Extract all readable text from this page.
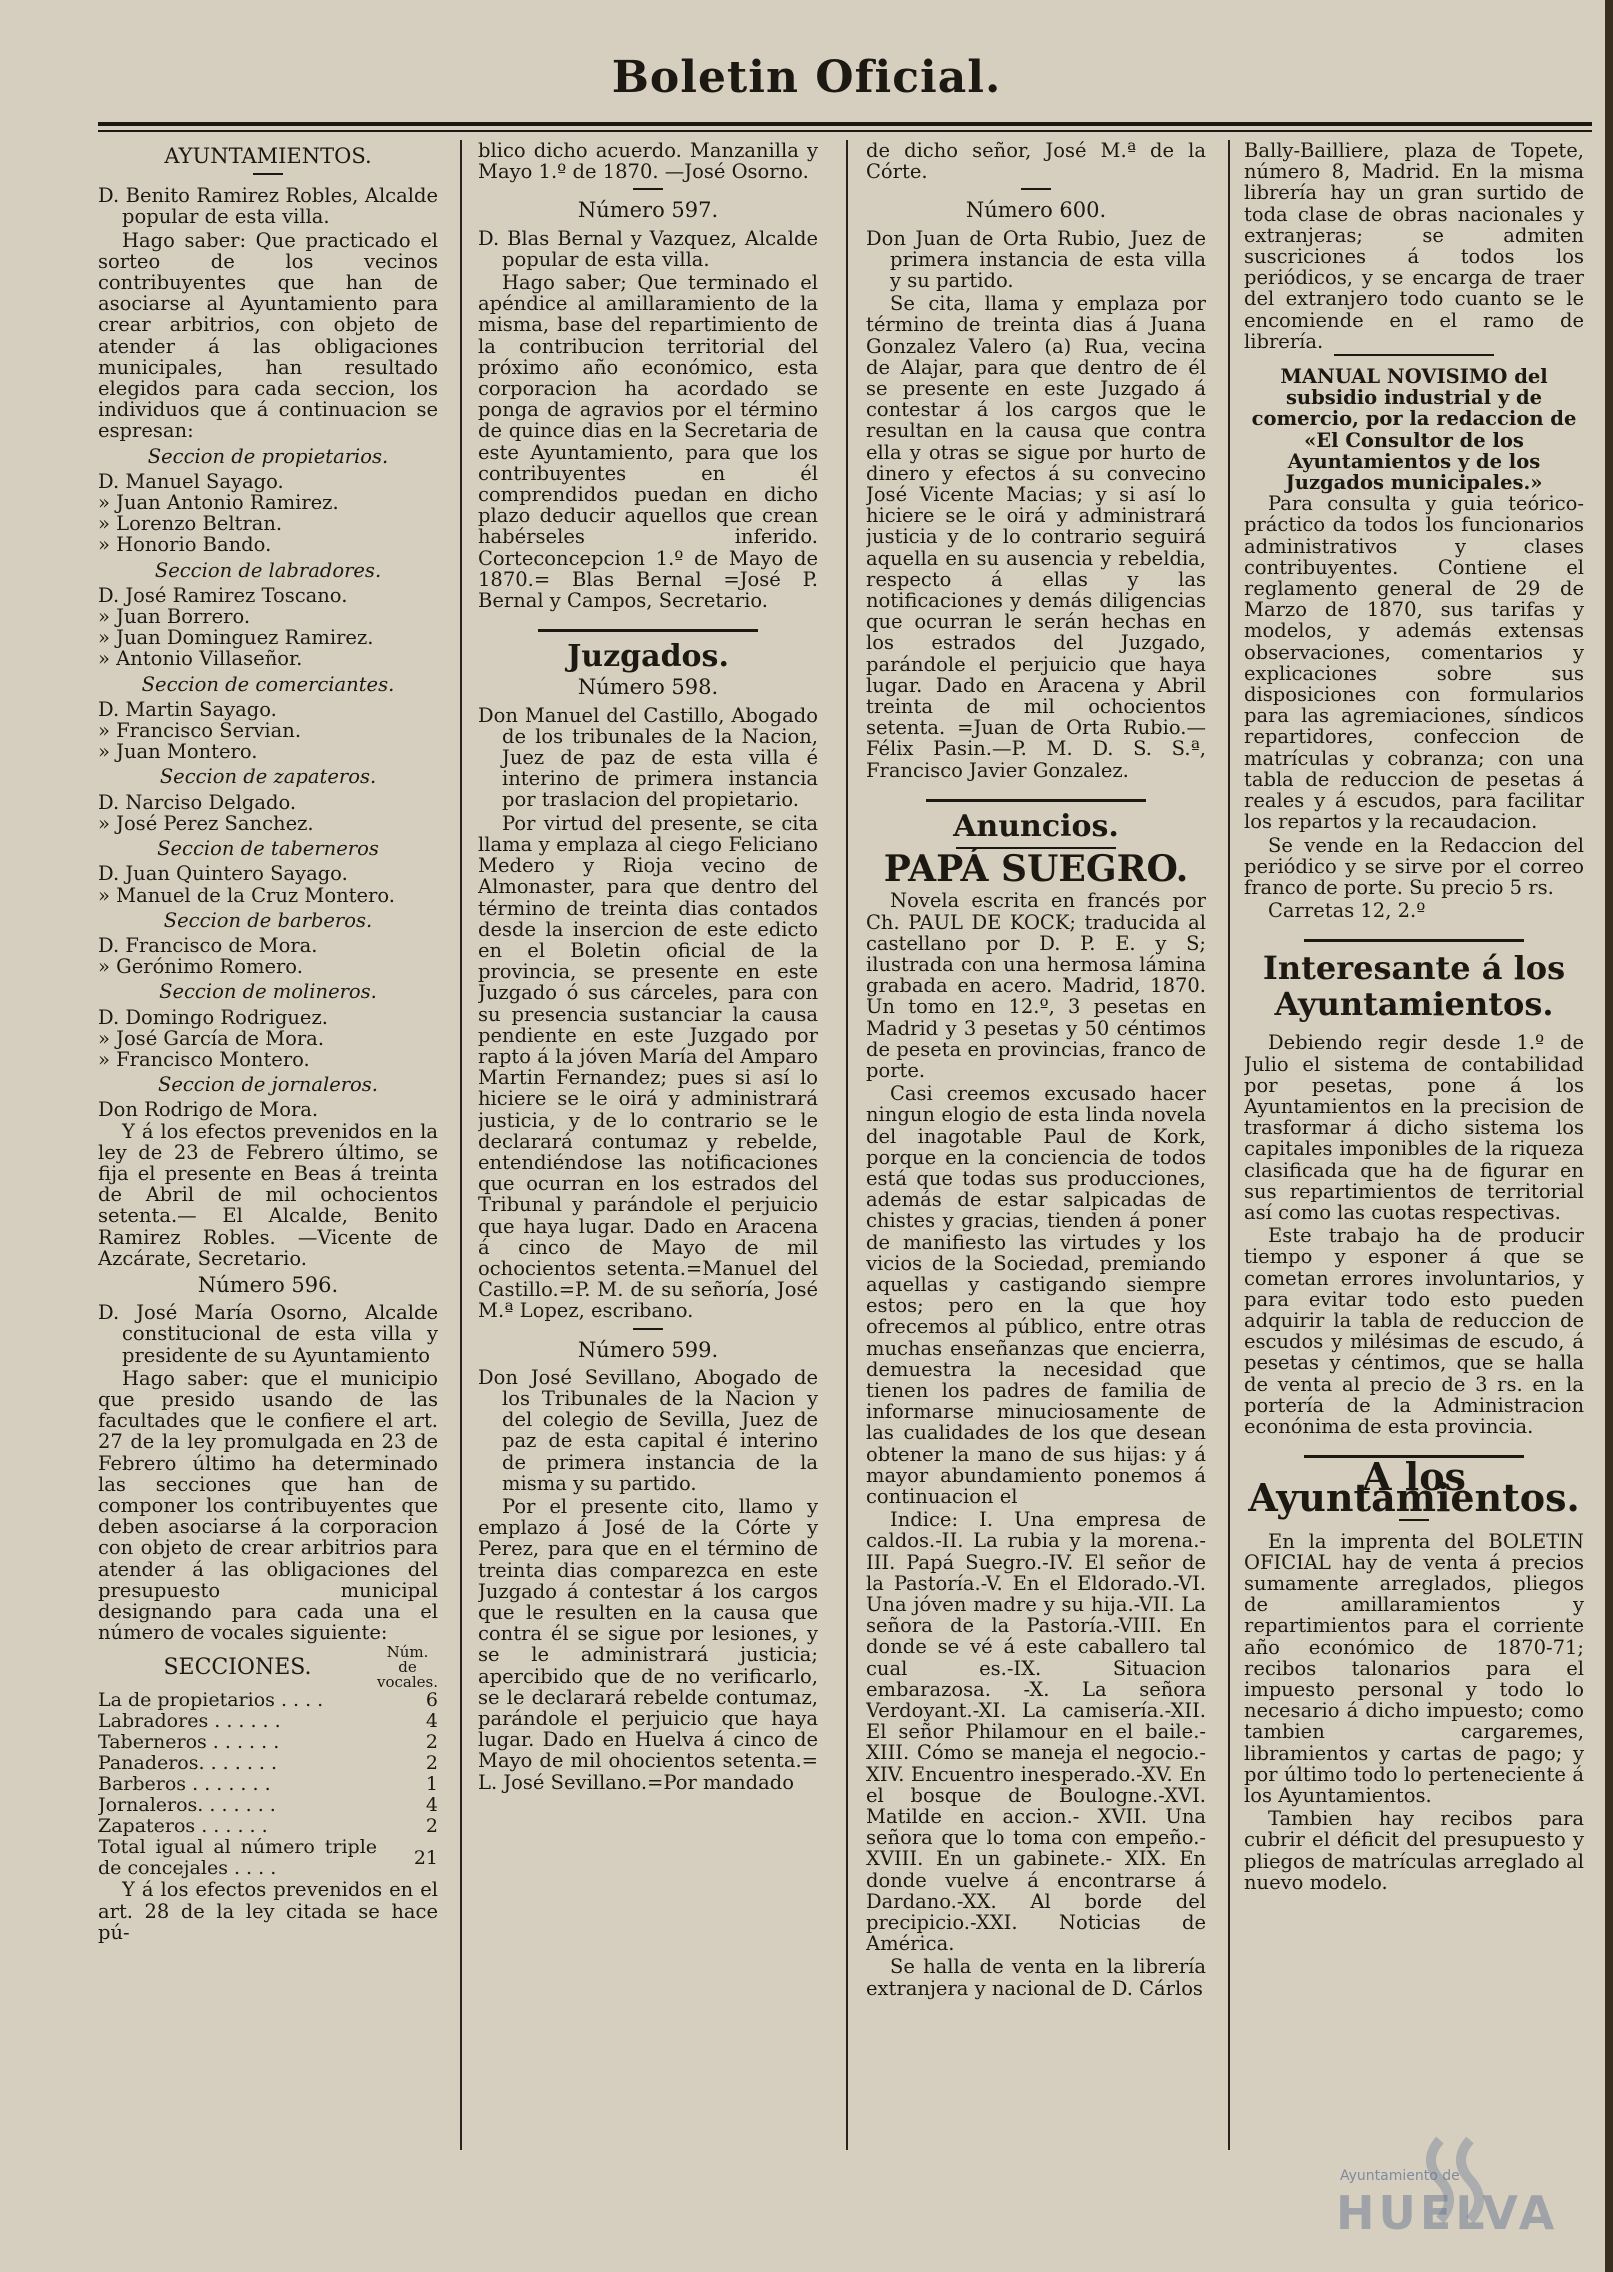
Boletin Oficial.
AYUNTAMIENTOS.

D. Benito Ramirez Robles, Alcalde popular de esta villa.

Hago saber: Que practicado el sorteo de los vecinos contribuyentes que han de asociarse al Ayuntamiento para crear arbitrios, con objeto de atender á las obligaciones municipales, han resultado elegidos para cada seccion, los individuos que á continuacion se espresan:

Seccion de propietarios.
D. Manuel Sayago.
» Juan Antonio Ramirez.
» Lorenzo Beltran.
» Honorio Bando.
Seccion de labradores.
D. José Ramirez Toscano.
» Juan Borrero.
» Juan Dominguez Ramirez.
» Antonio Villaseñor.
Seccion de comerciantes.
D. Martin Sayago.
» Francisco Servian.
» Juan Montero.
Seccion de zapateros.
D. Narciso Delgado.
» José Perez Sanchez.
Seccion de taberneros
D. Juan Quintero Sayago.
» Manuel de la Cruz Montero.
Seccion de barberos.
D. Francisco de Mora.
» Gerónimo Romero.
Seccion de molineros.
D. Domingo Rodriguez.
» José García de Mora.
» Francisco Montero.
Seccion de jornaleros.
Don Rodrigo de Mora.

Y á los efectos prevenidos en la ley de 23 de Febrero último, se fija el presente en Beas á treinta de Abril de mil ochocientos setenta.— El Alcalde, Benito Ramirez Robles. —Vicente de Azcárate, Secretario.

Número 596.

D. José María Osorno, Alcalde constitucional de esta villa y presidente de su Ayuntamiento

Hago saber: que el municipio que presido usando de las facultades que le confiere el art. 27 de la ley promulgada en 23 de Febrero último ha determinado las secciones que han de componer los contribuyentes que deben asociarse á la corporacion con objeto de crear arbitrios para atender á las obligaciones del presupuesto municipal designando para cada una el número de vocales siguiente:

SECCIONES.	Núm. de vocales.
La de propietarios . . . .	6
Labradores . . . . . .	4
Taberneros . . . . . .	2
Panaderos. . . . . . .	2
Barberos . . . . . . .	1
Jornaleros. . . . . . .	4
Zapateros . . . . . .	2
Total igual al número triple de concejales . . . .	21

Y á los efectos prevenidos en el art. 28 de la ley citada se hace pú-

blico dicho acuerdo. Manzanilla y Mayo 1.º de 1870. —José Osorno.

Número 597.

D. Blas Bernal y Vazquez, Alcalde popular de esta villa.

Hago saber; Que terminado el apéndice al amillaramiento de la misma, base del repartimiento de la contribucion territorial del próximo año económico, esta corporacion ha acordado se ponga de agravios por el término de quince dias en la Secretaria de este Ayuntamiento, para que los contribuyentes en él comprendidos puedan en dicho plazo deducir aquellos que crean habérseles inferido. Corteconcepcion 1.º de Mayo de 1870.= Blas Bernal =José P. Bernal y Campos, Secretario.

Juzgados.
Número 598.

Don Manuel del Castillo, Abogado de los tribunales de la Nacion, Juez de paz de esta villa é interino de primera instancia por traslacion del propietario.

Por virtud del presente, se cita llama y emplaza al ciego Feliciano Medero y Rioja vecino de Almonaster, para que dentro del término de treinta dias contados desde la insercion de este edicto en el Boletin oficial de la provincia, se presente en este Juzgado ó sus cárceles, para con su presencia sustanciar la causa pendiente en este Juzgado por rapto á la jóven María del Amparo Martin Fernandez; pues si así lo hiciere se le oirá y administrará justicia, y de lo contrario se le declarará contumaz y rebelde, entendiéndose las notificaciones que ocurran en los estrados del Tribunal y parándole el perjuicio que haya lugar. Dado en Aracena á cinco de Mayo de mil ochocientos setenta.=Manuel del Castillo.=P. M. de su señoría, José M.ª Lopez, escribano.

Número 599.

Don José Sevillano, Abogado de los Tribunales de la Nacion y del colegio de Sevilla, Juez de paz de esta capital é interino de primera instancia de la misma y su partido.

Por el presente cito, llamo y emplazo á José de la Córte y Perez, para que en el término de treinta dias comparezca en este Juzgado á contestar á los cargos que le resulten en la causa que contra él se sigue por lesiones, y se le administrará justicia; apercibido que de no verificarlo, se le declarará rebelde contumaz, parándole el perjuicio que haya lugar. Dado en Huelva á cinco de Mayo de mil ohocientos setenta.= L. José Sevillano.=Por mandado

de dicho señor, José M.ª de la Córte.

Número 600.

Don Juan de Orta Rubio, Juez de primera instancia de esta villa y su partido.

Se cita, llama y emplaza por término de treinta dias á Juana Gonzalez Valero (a) Rua, vecina de Alajar, para que dentro de él se presente en este Juzgado á contestar á los cargos que le resultan en la causa que contra ella y otras se sigue por hurto de dinero y efectos á su convecino José Vicente Macias; y si así lo hiciere se le oirá y administrará justicia y de lo contrario seguirá aquella en su ausencia y rebeldia, respecto á ellas y las notificaciones y demás diligencias que ocurran le serán hechas en los estrados del Juzgado, parándole el perjuicio que haya lugar. Dado en Aracena y Abril treinta de mil ochocientos setenta. =Juan de Orta Rubio.—Félix Pasin.—P. M. D. S. S.ª, Francisco Javier Gonzalez.

Anuncios.
PAPÁ SUEGRO.

Novela escrita en francés por Ch. PAUL DE KOCK; traducida al castellano por D. P. E. y S; ilustrada con una hermosa lámina grabada en acero. Madrid, 1870. Un tomo en 12.º, 3 pesetas en Madrid y 3 pesetas y 50 céntimos de peseta en provincias, franco de porte.

Casi creemos excusado hacer ningun elogio de esta linda novela del inagotable Paul de Kork, porque en la conciencia de todos está que todas sus producciones, además de estar salpicadas de chistes y gracias, tienden á poner de manifiesto las virtudes y los vicios de la Sociedad, premiando aquellas y castigando siempre estos; pero en la que hoy ofrecemos al público, entre otras muchas enseñanzas que encierra, demuestra la necesidad que tienen los padres de familia de informarse minuciosamente de las cualidades de los que desean obtener la mano de sus hijas: y á mayor abundamiento ponemos á continuacion el

Indice: I. Una empresa de caldos.-II. La rubia y la morena.-III. Papá Suegro.-IV. El señor de la Pastoría.-V. En el Eldorado.-VI. Una jóven madre y su hija.-VII. La señora de la Pastoría.-VIII. En donde se vé á este caballero tal cual es.-IX. Situacion embarazosa. -X. La señora Verdoyant.-XI. La camisería.-XII. El señor Philamour en el baile.-XIII. Cómo se maneja el negocio.-XIV. Encuentro inesperado.-XV. En el bosque de Boulogne.-XVI. Matilde en accion.- XVII. Una señora que lo toma con empeño.-XVIII. En un gabinete.- XIX. En donde vuelve á encontrarse á Dardano.-XX. Al borde del precipicio.-XXI. Noticias de América.

Se halla de venta en la librería extranjera y nacional de D. Cárlos

Bally-Bailliere, plaza de Topete, número 8, Madrid. En la misma librería hay un gran surtido de toda clase de obras nacionales y extranjeras; se admiten suscriciones á todos los periódicos, y se encarga de traer del extranjero todo cuanto se le encomiende en el ramo de librería.

MANUAL NOVISIMO del subsidio industrial y de comercio, por la redaccion de «El Consultor de los Ayuntamientos y de los Juzgados municipales.»

Para consulta y guia teórico-práctico da todos los funcionarios administrativos y clases contribuyentes. Contiene el reglamento general de 29 de Marzo de 1870, sus tarifas y modelos, y además extensas observaciones, comentarios y explicaciones sobre sus disposiciones con formularios para las agremiaciones, síndicos repartidores, confeccion de matrículas y cobranza; con una tabla de reduccion de pesetas á reales y á escudos, para facilitar los repartos y la recaudacion.

Se vende en la Redaccion del periódico y se sirve por el correo franco de porte. Su precio 5 rs.

Carretas 12, 2.º

Interesante á los Ayuntamientos.

Debiendo regir desde 1.º de Julio el sistema de contabilidad por pesetas, pone á los Ayuntamientos en la precision de trasformar á dicho sistema los capitales imponibles de la riqueza clasificada que ha de figurar en sus repartimientos de territorial así como las cuotas respectivas.

Este trabajo ha de producir tiempo y esponer á que se cometan errores involuntarios, y para evitar todo esto pueden adquirir la tabla de reduccion de escudos y milésimas de escudo, á pesetas y céntimos, que se halla de venta al precio de 3 rs. en la portería de la Administracion econónima de esta provincia.

A los Ayuntamientos.

En la imprenta del BOLETIN OFICIAL hay de venta á precios sumamente arreglados, pliegos de amillaramientos y repartimientos para el corriente año económico de 1870-71; recibos talonarios para el impuesto personal y todo lo necesario á dicho impuesto; como tambien cargaremes, libramientos y cartas de pago; y por último todo lo perteneciente á los Ayuntamientos.

Tambien hay recibos para cubrir el déficit del presupuesto y pliegos de matrículas arreglado al nuevo modelo.

Ayuntamiento de
HUELVA
